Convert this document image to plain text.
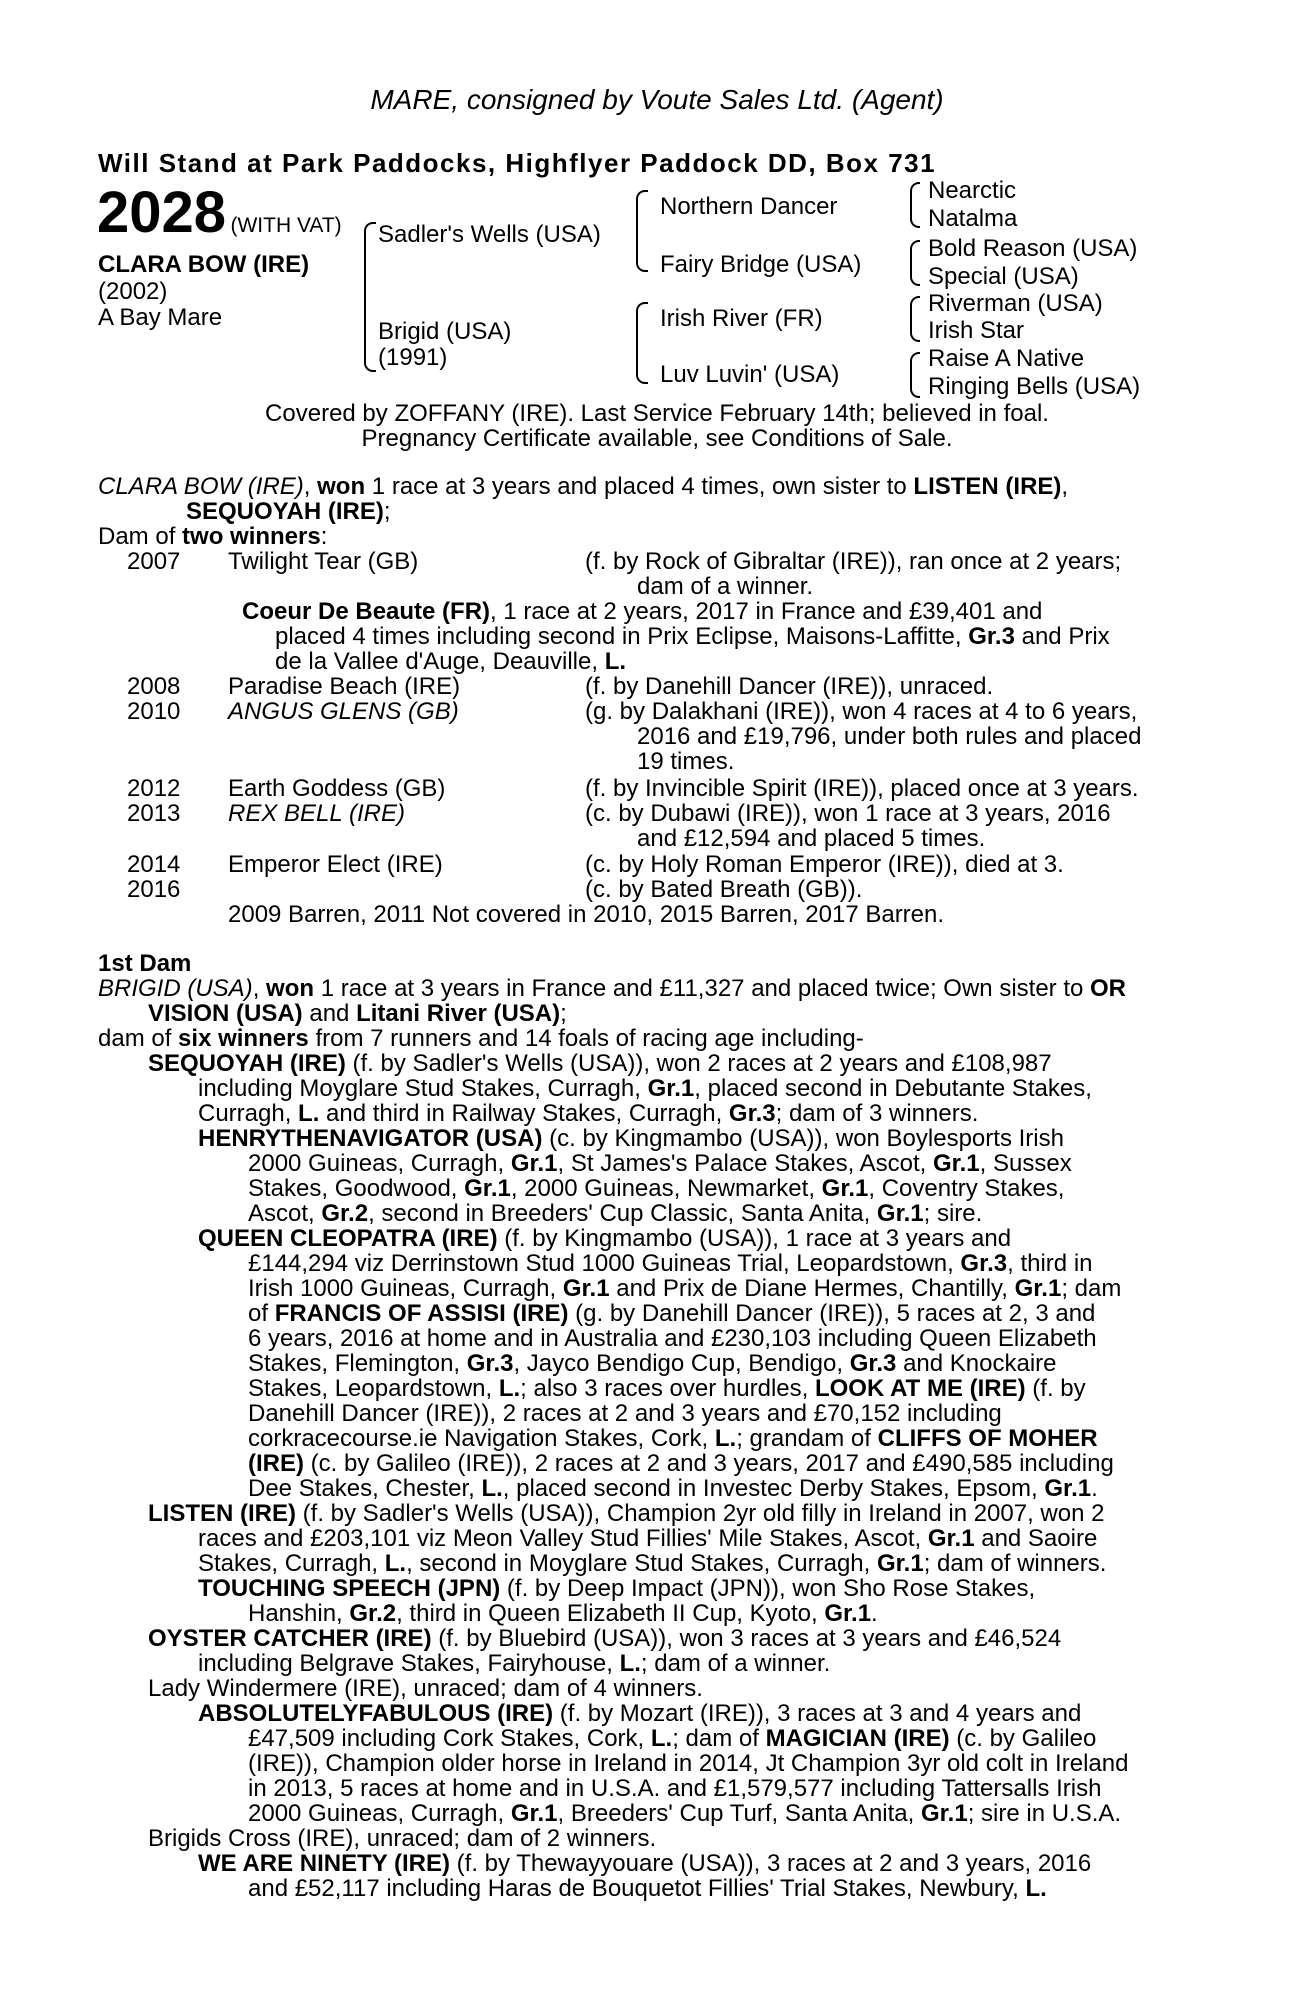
MARE, consigned by Voute Sales Ltd. (Agent)
Will Stand at Park Paddocks, Highflyer Paddock DD, Box 731
2028 (WITH VAT)
CLARA BOW (IRE)
(2002)
A Bay Mare
Sadler's Wells (USA)
Brigid (USA)
(1991)
Northern Dancer
Fairy Bridge (USA)
Irish River (FR)
Luv Luvin' (USA)
Nearctic
Natalma
Bold Reason (USA)
Special (USA)
Riverman (USA)
Irish Star
Raise A Native
Ringing Bells (USA)
Covered by ZOFFANY (IRE). Last Service February 14th; believed in foal.
Pregnancy Certificate available, see Conditions of Sale.
CLARA BOW (IRE), won 1 race at 3 years and placed 4 times, own sister to LISTEN (IRE),
SEQUOYAH (IRE);
Dam of two winners:
2007 Twilight Tear (GB)	(f. by Rock of Gibraltar (IRE)), ran once at 2 years;
dam of a winner.
Coeur De Beaute (FR), 1 race at 2 years, 2017 in France and £39,401 and
placed 4 times including second in Prix Eclipse, Maisons-Laffitte, Gr.3 and Prix
de la Vallee d'Auge, Deauville, L.
2008 Paradise Beach (IRE)	(f. by Danehill Dancer (IRE)), unraced.
2010 ANGUS GLENS (GB)	(g. by Dalakhani (IRE)), won 4 races at 4 to 6 years,
2016 and £19,796, under both rules and placed
19 times.
2012 Earth Goddess (GB)	(f. by Invincible Spirit (IRE)), placed once at 3 years.
2013 REX BELL (IRE)	(c. by Dubawi (IRE)), won 1 race at 3 years, 2016
and £12,594 and placed 5 times.
2014 Emperor Elect (IRE)	(c. by Holy Roman Emperor (IRE)), died at 3.
2016	(c. by Bated Breath (GB)).
2009 Barren, 2011 Not covered in 2010, 2015 Barren, 2017 Barren.
1st Dam
BRIGID (USA), won 1 race at 3 years in France and £11,327 and placed twice; Own sister to OR
VISION (USA) and Litani River (USA);
dam of six winners from 7 runners and 14 foals of racing age including-
SEQUOYAH (IRE) (f. by Sadler's Wells (USA)), won 2 races at 2 years and £108,987
including Moyglare Stud Stakes, Curragh, Gr.1, placed second in Debutante Stakes,
Curragh, L. and third in Railway Stakes, Curragh, Gr.3; dam of 3 winners.
HENRYTHENAVIGATOR (USA) (c. by Kingmambo (USA)), won Boylesports Irish
2000 Guineas, Curragh, Gr.1, St James's Palace Stakes, Ascot, Gr.1, Sussex
Stakes, Goodwood, Gr.1, 2000 Guineas, Newmarket, Gr.1, Coventry Stakes,
Ascot, Gr.2, second in Breeders' Cup Classic, Santa Anita, Gr.1; sire.
QUEEN CLEOPATRA (IRE) (f. by Kingmambo (USA)), 1 race at 3 years and
£144,294 viz Derrinstown Stud 1000 Guineas Trial, Leopardstown, Gr.3, third in
Irish 1000 Guineas, Curragh, Gr.1 and Prix de Diane Hermes, Chantilly, Gr.1; dam
of FRANCIS OF ASSISI (IRE) (g. by Danehill Dancer (IRE)), 5 races at 2, 3 and
6 years, 2016 at home and in Australia and £230,103 including Queen Elizabeth
Stakes, Flemington, Gr.3, Jayco Bendigo Cup, Bendigo, Gr.3 and Knockaire
Stakes, Leopardstown, L.; also 3 races over hurdles, LOOK AT ME (IRE) (f. by
Danehill Dancer (IRE)), 2 races at 2 and 3 years and £70,152 including
corkracecourse.ie Navigation Stakes, Cork, L.; grandam of CLIFFS OF MOHER
(IRE) (c. by Galileo (IRE)), 2 races at 2 and 3 years, 2017 and £490,585 including
Dee Stakes, Chester, L., placed second in Investec Derby Stakes, Epsom, Gr.1.
LISTEN (IRE) (f. by Sadler's Wells (USA)), Champion 2yr old filly in Ireland in 2007, won 2
races and £203,101 viz Meon Valley Stud Fillies' Mile Stakes, Ascot, Gr.1 and Saoire
Stakes, Curragh, L., second in Moyglare Stud Stakes, Curragh, Gr.1; dam of winners.
TOUCHING SPEECH (JPN) (f. by Deep Impact (JPN)), won Sho Rose Stakes,
Hanshin, Gr.2, third in Queen Elizabeth II Cup, Kyoto, Gr.1.
OYSTER CATCHER (IRE) (f. by Bluebird (USA)), won 3 races at 3 years and £46,524
including Belgrave Stakes, Fairyhouse, L.; dam of a winner.
Lady Windermere (IRE), unraced; dam of 4 winners.
ABSOLUTELYFABULOUS (IRE) (f. by Mozart (IRE)), 3 races at 3 and 4 years and
£47,509 including Cork Stakes, Cork, L.; dam of MAGICIAN (IRE) (c. by Galileo
(IRE)), Champion older horse in Ireland in 2014, Jt Champion 3yr old colt in Ireland
in 2013, 5 races at home and in U.S.A. and £1,579,577 including Tattersalls Irish
2000 Guineas, Curragh, Gr.1, Breeders' Cup Turf, Santa Anita, Gr.1; sire in U.S.A.
Brigids Cross (IRE), unraced; dam of 2 winners.
WE ARE NINETY (IRE) (f. by Thewayyouare (USA)), 3 races at 2 and 3 years, 2016
and £52,117 including Haras de Bouquetot Fillies' Trial Stakes, Newbury, L.
